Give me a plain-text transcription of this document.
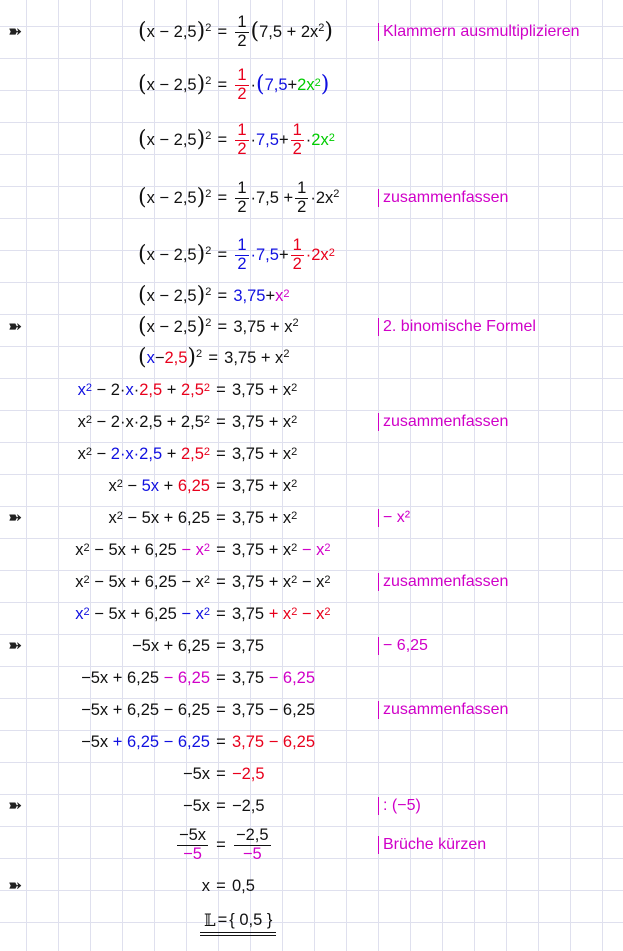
➽	( x − 2,5 )$^2 = \frac{1}{2}$ ( $7,5 + 2x^2$ )	Klammern ausmultiplizieren
( x − 2,5 )$^2 = \frac{1}{2}$ · ( $7,5 + 2x^2$ )
( x − 2,5 )$^2 = \frac{1}{2} \cdot 7,5 + \frac{1}{2} \cdot 2x^2$
( x − 2,5 )$^2 = \frac{1}{2} \cdot 7,5 + \frac{1}{2} \cdot 2x^2$	zusammenfassen
( x − 2,5 )$^2 = \frac{1}{2} \cdot 7,5 + \frac{1}{2} \cdot 2x^2$
( x − 2,5 )$^2 = 3,75 + x^2$
➽	( x − 2,5 )$^2 = 3,75 + x^2$	2. binomische Formel
( x − 2,5 )$^2 = 3,75 + x^2$
$x^2 - 2\cdot x\cdot 2,5 + 2,5^2 = 3,75 + x^2$
$x^2 - 2\cdot x\cdot 2,5 + 2,5^2 = 3,75 + x^2$	zusammenfassen
$x^2 - 2\cdot x\cdot 2,5 + 2,5^2 = 3,75 + x^2$
$x^2 - 5x + 6,25 = 3,75 + x^2$
➽	$x^2 - 5x + 6,25 = 3,75 + x^2$	− x²
$x^2 - 5x + 6,25 - x^2 = 3,75 + x^2 - x^2$
$x^2 - 5x + 6,25 - x^2 = 3,75 + x^2 - x^2$	zusammenfassen
$x^2 - 5x + 6,25 - x^2 = 3,75 + x^2 - x^2$
➽	−5x + 6,25 = 3,75	− 6,25
−5x + 6,25 − 6,25 = 3,75 − 6,25
−5x + 6,25 − 6,25 = 3,75 − 6,25	zusammenfassen
−5x + 6,25 − 6,25 = 3,75 − 6,25
−5x = −2,5
➽	−5x = −2,5	: (−5)
$\frac{-5x}{-5} = \frac{-2,5}{-5}$	Brüche kürzen
➽	x = 0,5
𝕃 = { 0,5 }
